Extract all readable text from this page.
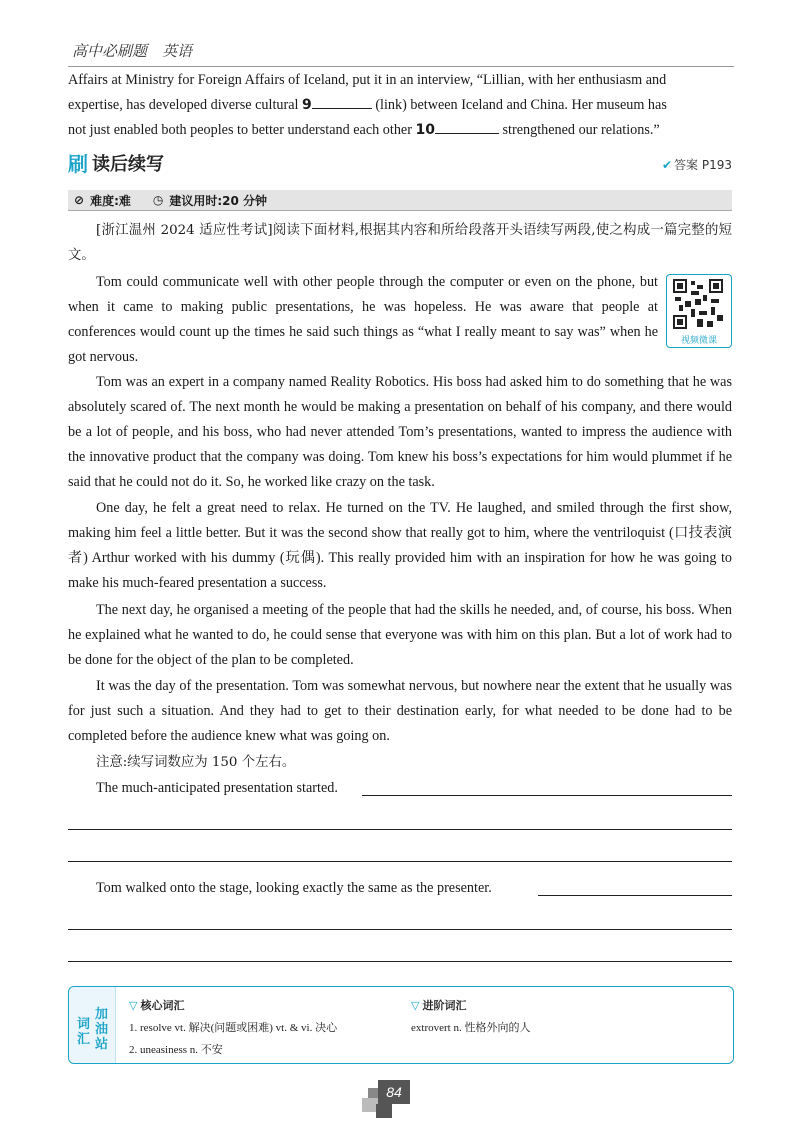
高中必刷题　英语
Affairs at Ministry for Foreign Affairs of Iceland, put it in an interview, “Lillian, with her enthusiasm and
expertise, has developed diverse cultural 9	(link) between Iceland and China. Her museum has
not just enabled both peoples to better understand each other 10	strengthened our relations.”
刷 读后续写	✔ 答案 P193
⊘ 难度:难 ◷ 建议用时:20 分钟
[浙江温州 2024 适应性考试]阅读下面材料,根据其内容和所给段落开头语续写两段,使之构成一篇完整的短文。
Tom could communicate well with other people through the computer or even on the phone, but when it came to making public presentations, he was hopeless. He was aware that people at conferences would count up the times he said such things as “what I really meant to say was” when he got nervous.
视频微课
Tom was an expert in a company named Reality Robotics. His boss had asked him to do something that he was absolutely scared of. The next month he would be making a presentation on behalf of his company, and there would be a lot of people, and his boss, who had never attended Tom’s presentations, wanted to impress the audience with the innovative product that the company was doing. Tom knew his boss’s expectations for him would plummet if he said that he could not do it. So, he worked like crazy on the task.
One day, he felt a great need to relax. He turned on the TV. He laughed, and smiled through the first show, making him feel a little better. But it was the second show that really got to him, where the ventriloquist (口技表演者) Arthur worked with his dummy (玩偶). This really provided him with an inspiration for how he was going to make his much-feared presentation a success.
The next day, he organised a meeting of the people that had the skills he needed, and, of course, his boss. When he explained what he wanted to do, he could sense that everyone was with him on this plan. But a lot of work had to be done for the object of the plan to be completed.
It was the day of the presentation. Tom was somewhat nervous, but nowhere near the extent that he usually was for just such a situation. And they had to get to their destination early, for what needed to be done had to be completed before the audience knew what was going on.
注意:续写词数应为 150 个左右。
The much-anticipated presentation started.
Tom walked onto the stage, looking exactly the same as the presenter.
加油站
词汇
▽ 核心词汇
1. resolve vt. 解决(问题或困难) vt. & vi. 决心
2. uneasiness n. 不安
▽ 进阶词汇
extrovert n. 性格外向的人
84
